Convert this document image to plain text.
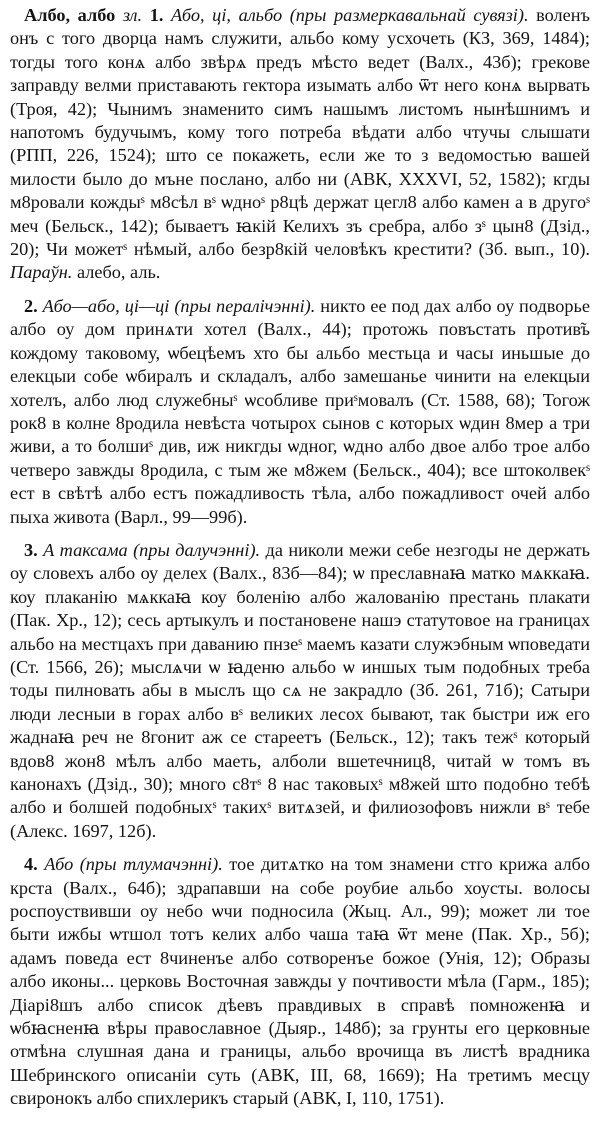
Албо, албо зл. 1. Або, ці, альбо (пры размеркавальнай сувязі). воленъ онъ с того дворца намъ служити, альбо кому усхочеть (КЗ, 369, 1484); тогды того конѧ албо звѣрѧ предъ мѣсто ведет (Валх., 43б); грекове заправду велми приставають гектора изымать албо ѿт него конѧ вырвать (Троя, 42); Чынимъ знаменито симъ нашымъ листомъ нынѣшнимъ и напотомъ будучымъ, кому того потреба вѣдати албо чтучы слышати (РПП, 226, 1524); што се покажеть, если же то з ведомостью вашей милости было до мъне послано, албо ни (АВК, XXXVI, 52, 1582); кгды м8ровали кождыˢ м8сѣл вˢ ѡдноˢ р8цѣ держат цегл8 албо камен а в другоˢ меч (Бельск., 142); бываетъ ꙗкій Келихъ зъ сребра, албо зˢ цын8 (Дзід., 20); Чи можетˢ нѣмый, албо безр8кій человѣкъ крестити? (Зб. вып., 10). Параўн. алебо, аль.

2. Або—або, ці—ці (пры пералічэнні). никто ее под дах албо оу подворье албо оу дом принѧти хотел (Валх., 44); протожь повъстать против̃ъ кождому таковому, ѡбецѣемъ хто бы альбо местьца и часы иньшые до елекцыи собе ѡбиралъ и складалъ, албо замешанье чинити на елекцыи хотелъ, албо люд служебныˢ ѡсобливе приˢмовалъ (Ст. 1588, 68); Тогож рок8 в колне 8родила невѣста чотырох сынов с которых ѡдин 8мер а три живи, а то болшиˢ див, иж никгды ѡдног, ѡдно албо двое албо трое албо четверо завжды 8родила, с тым же м8жем (Бельск., 404); все штоколвекˢ ест в свѣтѣ албо естъ пожадливость тѣла, албо пожадливост очей албо пыха живота (Варл., 99—99б).

3. А таксама (пры далучэнні). да николи межи себе незгоды не держать оу словехъ албо оу делех (Валх., 83б—84); ѡ преславнаꙗ матко мѧккаꙗ. коу плаканію мѧккаꙗ коу боленію албо жалованію престань плакати (Пак. Хр., 12); сесь артыкулъ и постановене нашэ статутовое на границах альбо на местцахъ при даванию пнзеˢ маемъ казати служэбным ѡповедати (Ст. 1566, 26); мыслѧчи ѡ ꙗденю альбо ѡ иншых тым подобных треба тоды пилновать абы в мыслъ що сѧ не закрадло (Зб. 261, 71б); Сатыри люди лесныи в горах албо вˢ великих лесох бывают, так быстри иж его жаднаꙗ реч не 8гонит аж се стареетъ (Бельск., 12); такъ тежˢ который вдов8 жон8 мѣлъ албо маеть, алболи вшетечниц8, читай ѡ томъ въ канонахъ (Дзід., 30); много с8тˢ 8 нас таковыхˢ м8жей што подобно тебѣ албо и болшей подобныхˢ такихˢ витѧзей, и филиозофовъ нижли вˢ тебе (Алекс. 1697, 12б).

4. Або (пры тлумачэнні). тое дитѧтко на том знамени стго крижа албо крста (Валх., 64б); здрапавши на собе роубие альбо хоусты. волосы роспоуствивши оу небо ѡчи подносила (Жыц. Ал., 99); может ли тое быти ижбы ѡтшол тотъ келих албо чаша таꙗ ѿт мене (Пак. Хр., 5б); адамъ поведа ест 8чиненъе албо сотворенъе божое (Унія, 12); Образы албо иконы... церковь Восточная завжды у почтивости мѣла (Гарм., 185); Діарі8шъ албо список дѣевъ правдивых в справѣ помноженꙗ и ѡбꙗсненꙗ вѣры православное (Дыяр., 148б); за грунты его церковные отмѣна слушная дана и границы, альбо врочища въ листѣ врадника Шебринского описаніи суть (АВК, III, 68, 1669); На третимъ месцу свиронокъ албо спихлерикъ старый (АВК, I, 110, 1751).
